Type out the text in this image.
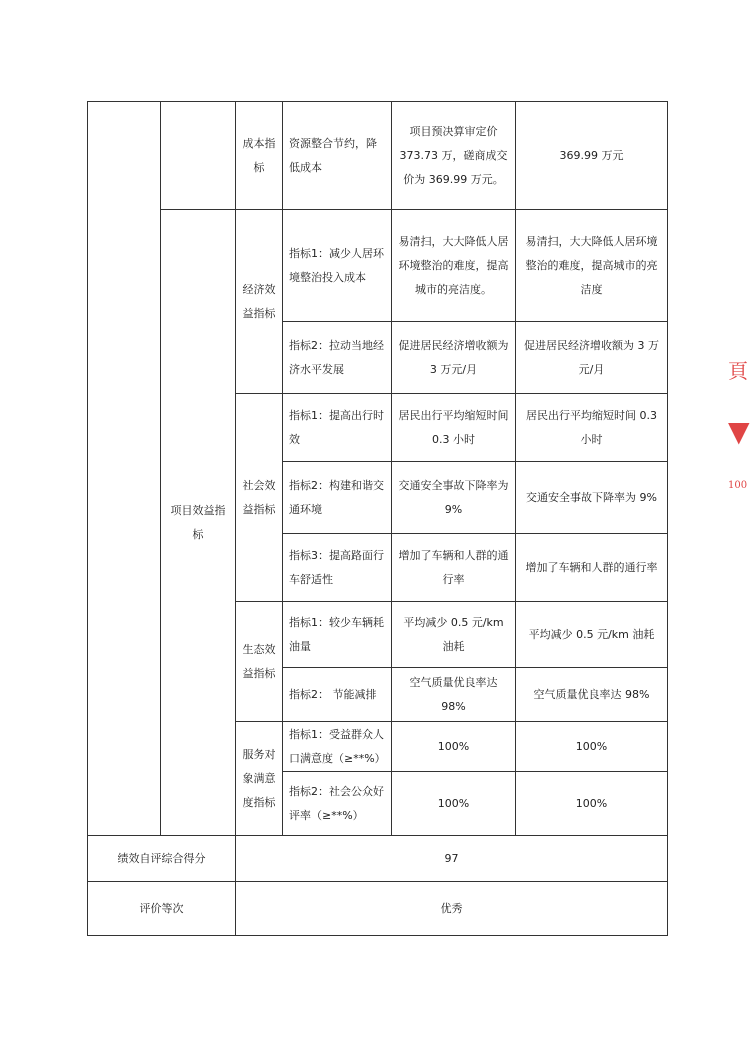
		成本指标	资源整合节约，降低成本	项目预决算审定价 373.73 万，磋商成交价为 369.99 万元。	369.99 万元
	项目效益指标	经济效益指标	指标1：减少人居环境整治投入成本	易清扫，大大降低人居环境整治的难度，提高城市的亮洁度。	易清扫，大大降低人居环境整治的难度，提高城市的亮洁度
			指标2：拉动当地经济水平发展	促进居民经济增收额为 3 万元/月	促进居民经济增收额为 3 万元/月
		社会效益指标	指标1：提高出行时效	居民出行平均缩短时间 0.3 小时	居民出行平均缩短时间 0.3 小时
			指标2：构建和谐交通环境	交通安全事故下降率为 9%	交通安全事故下降率为 9%
			指标3：提高路面行车舒适性	增加了车辆和人群的通行率	增加了车辆和人群的通行率
		生态效益指标	指标1：较少车辆耗油量	平均减少 0.5 元/km 油耗	平均减少 0.5 元/km 油耗
			指标2： 节能减排	空气质量优良率达 98%	空气质量优良率达 98%
		服务对象满意度指标	指标1：受益群众人口满意度（≥**%）	100%	100%
			指标2：社会公众好评率（≥**%）	100%	100%
绩效自评综合得分	97
评价等次	优秀
頁
▼
100
